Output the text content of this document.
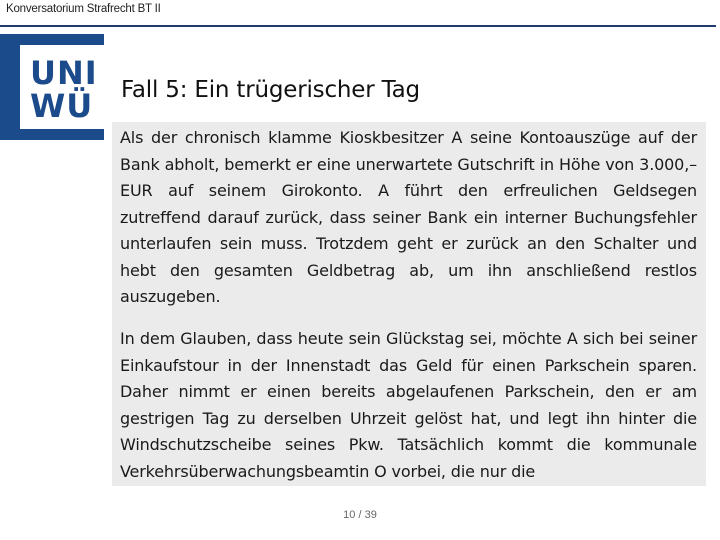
Konversatorium Strafrecht BT II
UNI
WÜ Fall 5: Ein trügerischer Tag
Als der chronisch klamme Kioskbesitzer A seine Kontoauszüge auf der Bank abholt, bemerkt er eine unerwartete Gutschrift in Höhe von 3.000,– EUR auf seinem Girokonto. A führt den erfreulichen Geldsegen zutreffend darauf zurück, dass seiner Bank ein interner Buchungsfehler unterlaufen sein muss. Trotzdem geht er zurück an den Schalter und hebt den gesamten Geldbetrag ab, um ihn anschließend restlos auszugeben.
In dem Glauben, dass heute sein Glückstag sei, möchte A sich bei seiner Einkaufstour in der Innenstadt das Geld für einen Parkschein sparen. Daher nimmt er einen bereits abgelaufenen Parkschein, den er am gestrigen Tag zu derselben Uhrzeit gelöst hat, und legt ihn hinter die Windschutzscheibe seines Pkw. Tatsächlich kommt die kommunale Verkehrsüberwachungsbeamtin O vorbei, die nur die
10 / 39
